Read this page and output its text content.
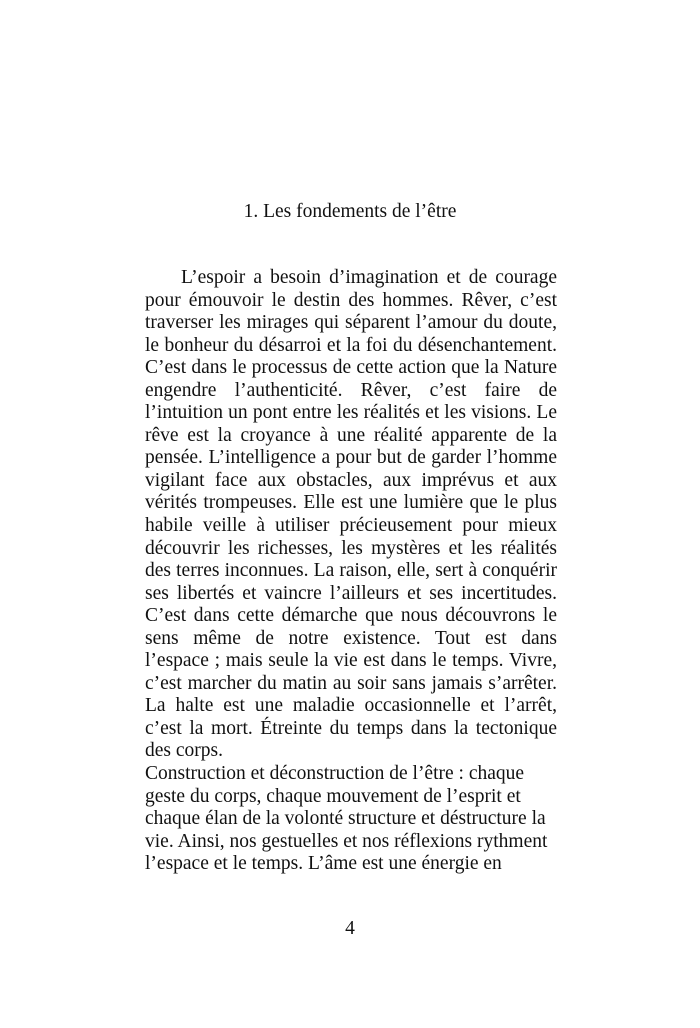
1. Les fondements de l’être
L’espoir a besoin d’imagination et de courage
pour émouvoir le destin des hommes. Rêver, c’est
traverser les mirages qui séparent l’amour du doute,
le bonheur du désarroi et la foi du désenchantement.
C’est dans le processus de cette action que la Nature
engendre l’authenticité. Rêver, c’est faire de
l’intuition un pont entre les réalités et les visions. Le
rêve est la croyance à une réalité apparente de la
pensée. L’intelligence a pour but de garder l’homme
vigilant face aux obstacles, aux imprévus et aux
vérités trompeuses. Elle est une lumière que le plus
habile veille à utiliser précieusement pour mieux
découvrir les richesses, les mystères et les réalités
des terres inconnues. La raison, elle, sert à conquérir
ses libertés et vaincre l’ailleurs et ses incertitudes.
C’est dans cette démarche que nous découvrons le
sens même de notre existence. Tout est dans
l’espace ; mais seule la vie est dans le temps. Vivre,
c’est marcher du matin au soir sans jamais s’arrêter.
La halte est une maladie occasionnelle et l’arrêt,
c’est la mort. Étreinte du temps dans la tectonique
des corps.
Construction et déconstruction de l’être : chaque
geste du corps, chaque mouvement de l’esprit et
chaque élan de la volonté structure et déstructure la
vie. Ainsi, nos gestuelles et nos réflexions rythment
l’espace et le temps. L’âme est une énergie en
4
